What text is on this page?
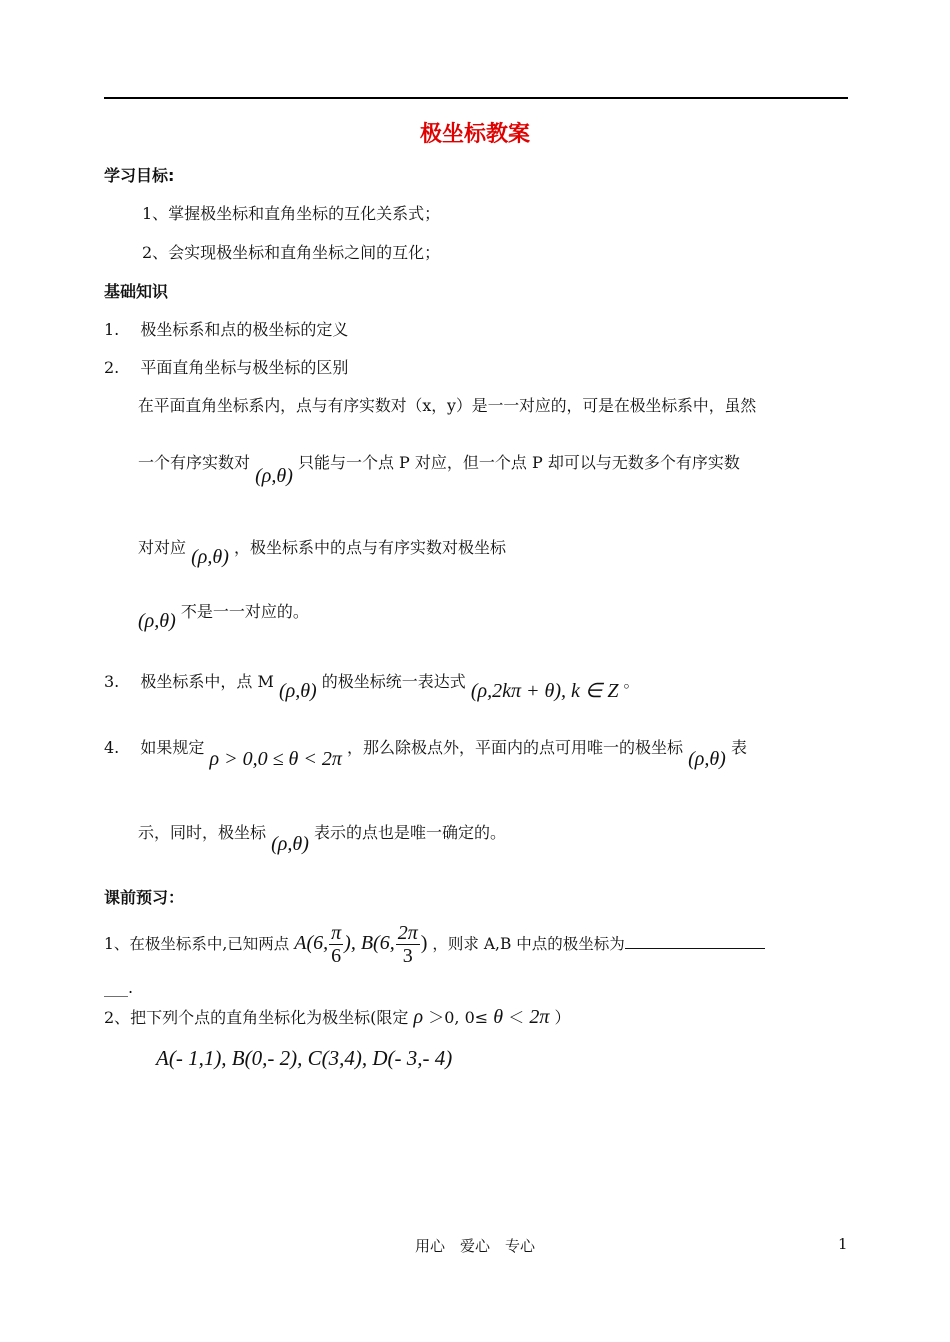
极坐标教案
学习目标:
1、掌握极坐标和直角坐标的互化关系式；
2、会实现极坐标和直角坐标之间的互化；
基础知识
1. 极坐标系和点的极坐标的定义
2. 平面直角坐标与极坐标的区别
在平面直角坐标系内，点与有序实数对（x，y）是一一对应的，可是在极坐标系中，虽然
一个有序实数对 (ρ,θ) 只能与一个点 P 对应，但一个点 P 却可以与无数多个有序实数
对对应 (ρ,θ) ，极坐标系中的点与有序实数对极坐标
(ρ,θ) 不是一一对应的。
3. 极坐标系中，点 M (ρ,θ) 的极坐标统一表达式 (ρ,2kπ + θ), k ∈ Z 。
4. 如果规定 ρ > 0,0 ≤ θ < 2π ，那么除极点外，平面内的点可用唯一的极坐标 (ρ,θ) 表
示，同时，极坐标 (ρ,θ) 表示的点也是唯一确定的。
课前预习：
1、在极坐标系中,已知两点 A(6, $\frac{\pi}{6}$ ), B(6, $\frac{2\pi}{3}$ ) ，则求 A,B 中点的极坐标为
___.
2、把下列个点的直角坐标化为极坐标(限定 ρ ＞0, 0≤ θ ＜ 2π ）
A(- 1,1), B(0,- 2), C(3,4), D(- 3,- 4)
用心　爱心　专心	1
